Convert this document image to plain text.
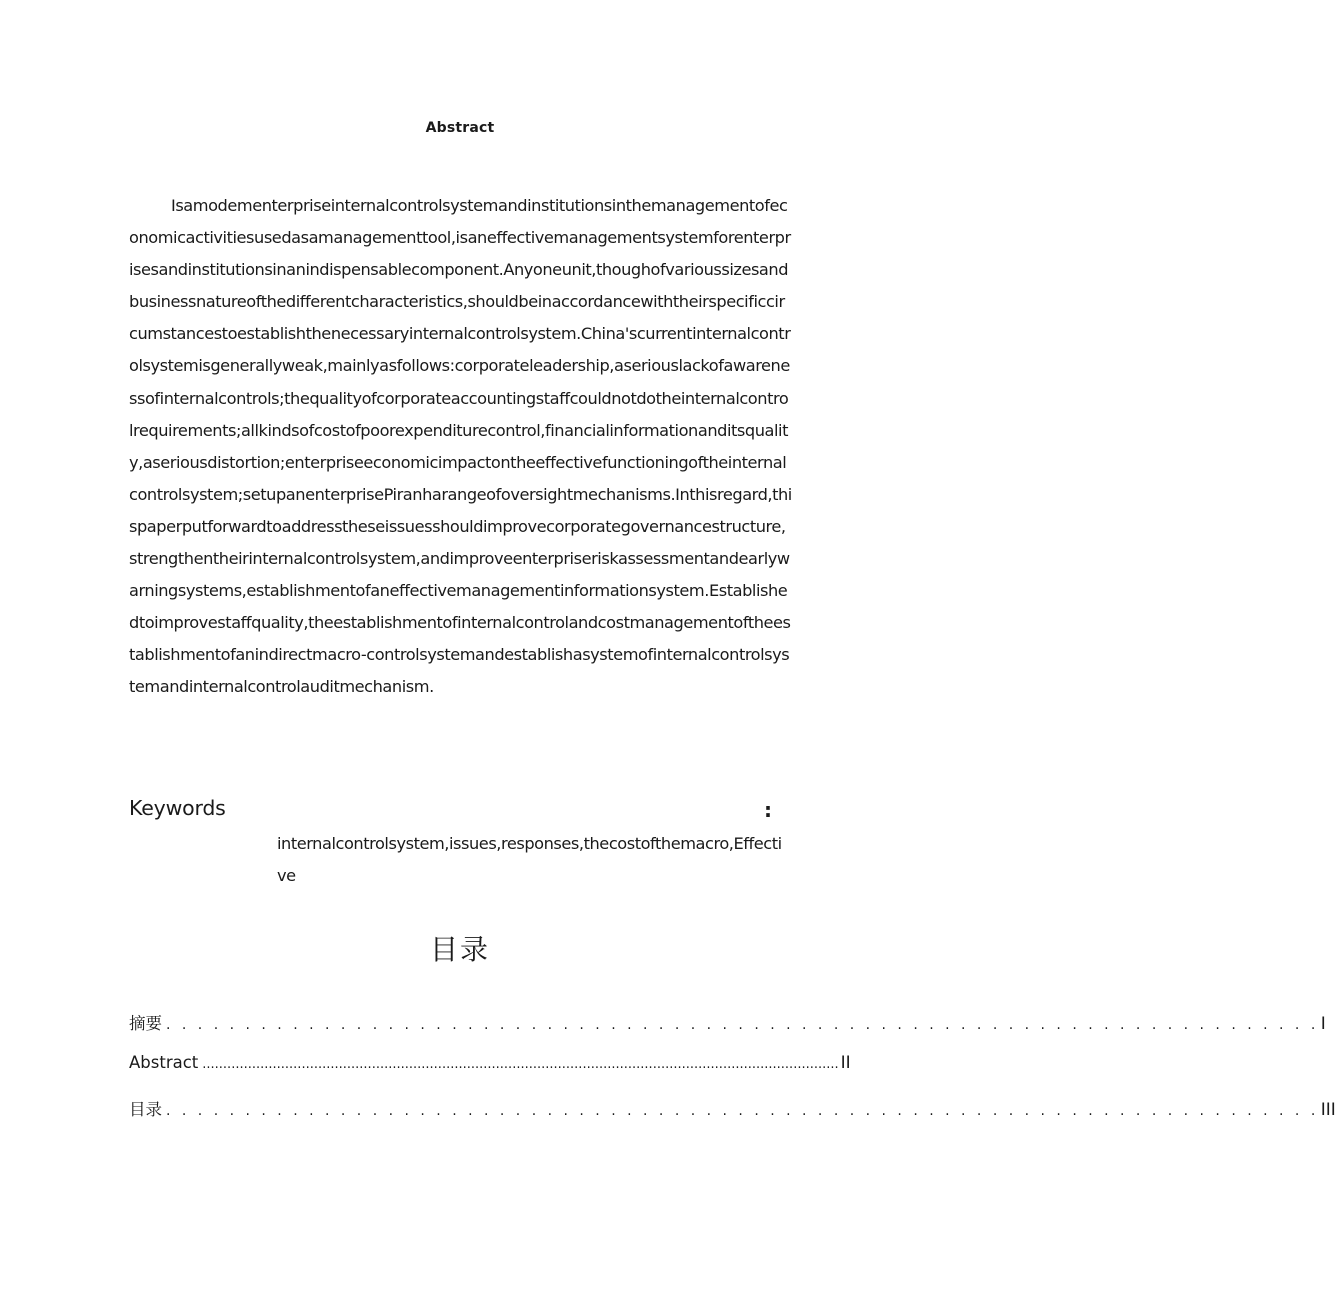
Abstract

Isamodementerpriseinternalcontrolsystemandinstitutionsinthemanagementofeconomicactivitiesusedasamanagementtool,isaneffectivemanagementsystemforenterprisesandinstitutionsinanindispensablecomponent.Anyoneunit,thoughofvarioussizesandbusinessnatureofthedifferentcharacteristics,shouldbeinaccordancewiththeirspecificcircumstancestoestablishthenecessaryinternalcontrolsystem.China'scurrentinternalcontrolsystemisgenerallyweak,mainlyasfollows:corporateleadership,aseriouslackofawarenessofinternalcontrols;thequalityofcorporateaccountingstaffcouldnotdotheinternalcontrolrequirements;allkindsofcostofpoorexpenditurecontrol,financialinformationanditsquality,aseriousdistortion;enterpriseeconomicimpactontheeffectivefunctioningoftheinternalcontrolsystem;setupanenterprisePiranharangeofoversightmechanisms.Inthisregard,thispaperputforwardtoaddresstheseissuesshouldimprovecorporategovernancestructure,strengthentheirinternalcontrolsystem,andimproveenterpriseriskassessmentandearlywarningsystems,establishmentofaneffectivemanagementinformationsystem.Establishedtoimprovestaffquality,theestablishmentofinternalcontrolandcostmanagementoftheestablishmentofanindirectmacro-controlsystemandestablishasystemofinternalcontrolsystemandinternalcontrolauditmechanism.

Keywords	:

internalcontrolsystem,issues,responses,thecostofthemacro,Effective

目录
摘要 . . . . . . . . . . . . . . . . . . . . . . . . . . . . . . . . . . . . . . . . . . . . . . . . . . . . . . . . . . . . . . . . . . . . . . . . . I
Abstract .......................................................................................................................................................... II
目录 . . . . . . . . . . . . . . . . . . . . . . . . . . . . . . . . . . . . . . . . . . . . . . . . . . . . . . . . . . . . . . . . . . . . . . . . . III
